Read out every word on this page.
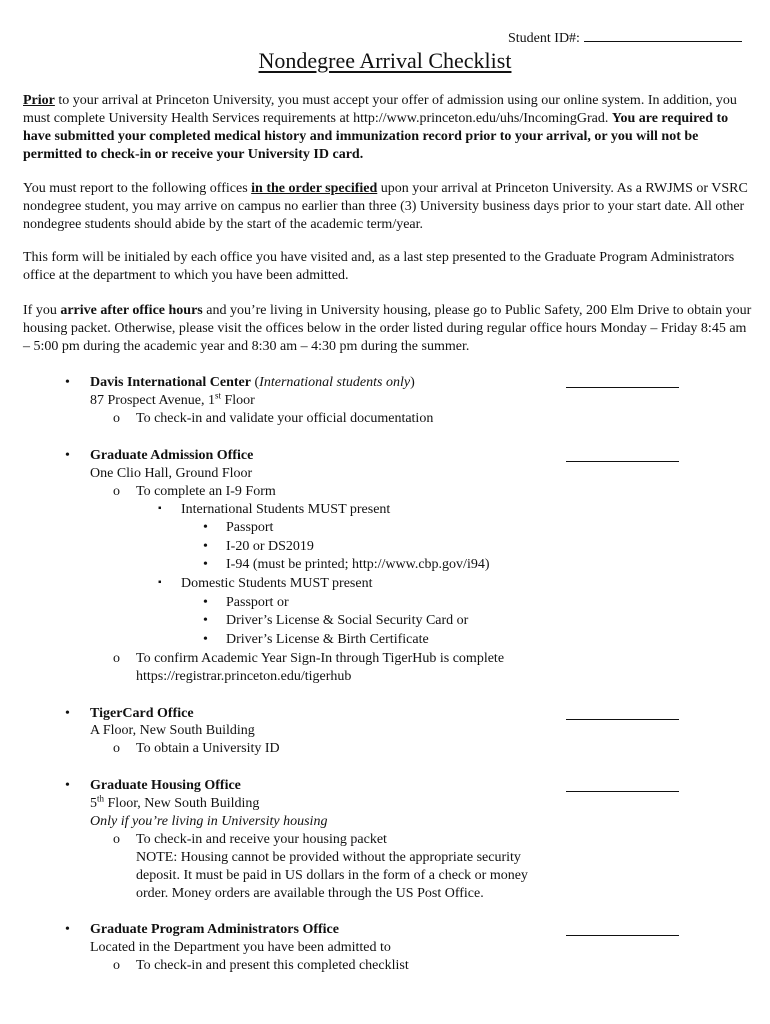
Student ID#:
Nondegree Arrival Checklist
Prior to your arrival at Princeton University, you must accept your offer of admission using our online system. In addition, you must complete University Health Services requirements at http://www.princeton.edu/uhs/IncomingGrad. You are required to have submitted your completed medical history and immunization record prior to your arrival, or you will not be permitted to check-in or receive your University ID card.
You must report to the following offices in the order specified upon your arrival at Princeton University. As a RWJMS or VSRC nondegree student, you may arrive on campus no earlier than three (3) University business days prior to your start date. All other nondegree students should abide by the start of the academic term/year.
This form will be initialed by each office you have visited and, as a last step presented to the Graduate Program Administrators office at the department to which you have been admitted.
If you arrive after office hours and you’re living in University housing, please go to Public Safety, 200 Elm Drive to obtain your housing packet. Otherwise, please visit the offices below in the order listed during regular office hours Monday – Friday 8:45 am – 5:00 pm during the academic year and 8:30 am – 4:30 pm during the summer.
• Davis International Center (International students only)
87 Prospect Avenue, 1st Floor
o To check-in and validate your official documentation
• Graduate Admission Office
One Clio Hall, Ground Floor
o To complete an I-9 Form
▪ International Students MUST present
• Passport
• I-20 or DS2019
• I-94 (must be printed; http://www.cbp.gov/i94)
▪ Domestic Students MUST present
• Passport or
• Driver’s License & Social Security Card or
• Driver’s License & Birth Certificate
o To confirm Academic Year Sign-In through TigerHub is complete
https://registrar.princeton.edu/tigerhub
• TigerCard Office
A Floor, New South Building
o To obtain a University ID
• Graduate Housing Office
5th Floor, New South Building
Only if you’re living in University housing
o To check-in and receive your housing packet
NOTE: Housing cannot be provided without the appropriate security
deposit. It must be paid in US dollars in the form of a check or money
order. Money orders are available through the US Post Office.
• Graduate Program Administrators Office
Located in the Department you have been admitted to
o To check-in and present this completed checklist
